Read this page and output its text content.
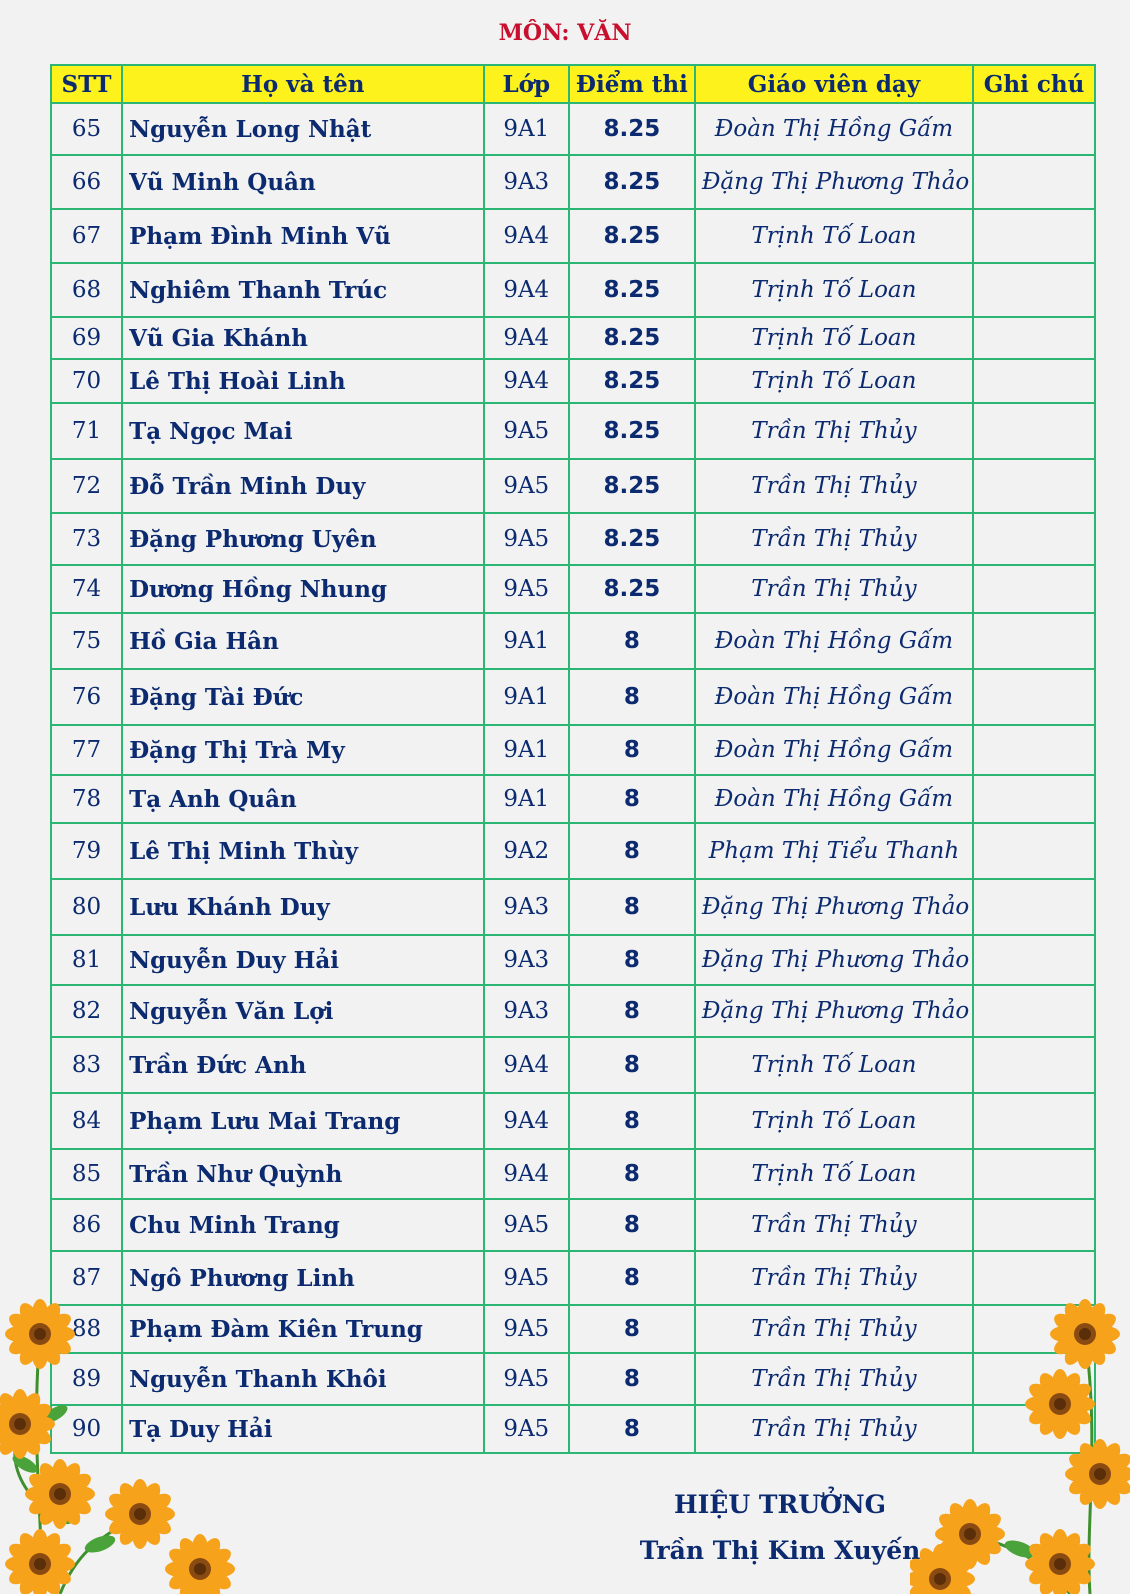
MÔN: VĂN
STT	Họ và tên	Lớp	Điểm thi	Giáo viên dạy	Ghi chú
65	Nguyễn Long Nhật	9A1	8.25	Đoàn Thị Hồng Gấm	
66	Vũ Minh Quân	9A3	8.25	Đặng Thị Phương Thảo	
67	Phạm Đình Minh Vũ	9A4	8.25	Trịnh Tố Loan	
68	Nghiêm Thanh Trúc	9A4	8.25	Trịnh Tố Loan	
69	Vũ Gia Khánh	9A4	8.25	Trịnh Tố Loan	
70	Lê Thị Hoài Linh	9A4	8.25	Trịnh Tố Loan	
71	Tạ Ngọc Mai	9A5	8.25	Trần Thị Thủy	
72	Đỗ Trần Minh Duy	9A5	8.25	Trần Thị Thủy	
73	Đặng Phương Uyên	9A5	8.25	Trần Thị Thủy	
74	Dương Hồng Nhung	9A5	8.25	Trần Thị Thủy	
75	Hồ Gia Hân	9A1	8	Đoàn Thị Hồng Gấm	
76	Đặng Tài Đức	9A1	8	Đoàn Thị Hồng Gấm	
77	Đặng Thị Trà My	9A1	8	Đoàn Thị Hồng Gấm	
78	Tạ Anh Quân	9A1	8	Đoàn Thị Hồng Gấm	
79	Lê Thị Minh Thùy	9A2	8	Phạm Thị Tiểu Thanh	
80	Lưu Khánh Duy	9A3	8	Đặng Thị Phương Thảo	
81	Nguyễn Duy Hải	9A3	8	Đặng Thị Phương Thảo	
82	Nguyễn Văn Lợi	9A3	8	Đặng Thị Phương Thảo	
83	Trần Đức Anh	9A4	8	Trịnh Tố Loan	
84	Phạm Lưu Mai Trang	9A4	8	Trịnh Tố Loan	
85	Trần Như Quỳnh	9A4	8	Trịnh Tố Loan	
86	Chu Minh Trang	9A5	8	Trần Thị Thủy	
87	Ngô Phương Linh	9A5	8	Trần Thị Thủy	
88	Phạm Đàm Kiên Trung	9A5	8	Trần Thị Thủy	
89	Nguyễn Thanh Khôi	9A5	8	Trần Thị Thủy	
90	Tạ Duy Hải	9A5	8	Trần Thị Thủy	
HIỆU TRƯỞNG
Trần Thị Kim Xuyến
